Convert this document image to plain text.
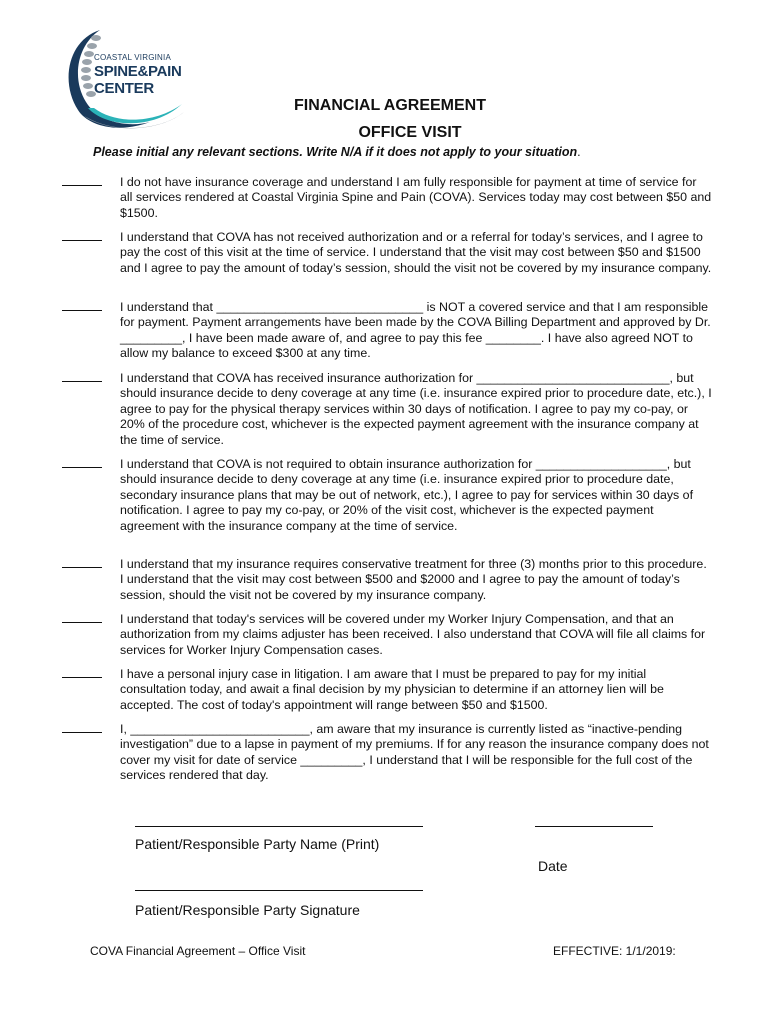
COASTAL VIRGINIA
SPINE&PAIN
CENTER
FINANCIAL AGREEMENT
OFFICE VISIT
Please initial any relevant sections. Write N/A if it does not apply to your situation.
I do not have insurance coverage and understand I am fully responsible for payment at time of service for all services rendered at Coastal Virginia Spine and Pain (COVA). Services today may cost between $50 and $1500.
I understand that COVA has not received authorization and or a referral for today’s services, and I agree to pay the cost of this visit at the time of service. I understand that the visit may cost between $50 and $1500 and I agree to pay the amount of today’s session, should the visit not be covered by my insurance company.
I understand that ______________________________ is NOT a covered service and that I am responsible for payment. Payment arrangements have been made by the COVA Billing Department and approved by Dr. _________, I have been made aware of, and agree to pay this fee ________. I have also agreed NOT to allow my balance to exceed $300 at any time.
I understand that COVA has received insurance authorization for ____________________________, but should insurance decide to deny coverage at any time (i.e. insurance expired prior to procedure date, etc.), I agree to pay for the physical therapy services within 30 days of notification. I agree to pay my co-pay, or 20% of the procedure cost, whichever is the expected payment agreement with the insurance company at the time of service.
I understand that COVA is not required to obtain insurance authorization for ___________________, but should insurance decide to deny coverage at any time (i.e. insurance expired prior to procedure date, secondary insurance plans that may be out of network, etc.), I agree to pay for services within 30 days of notification. I agree to pay my co-pay, or 20% of the visit cost, whichever is the expected payment agreement with the insurance company at the time of service.
I understand that my insurance requires conservative treatment for three (3) months prior to this procedure. I understand that the visit may cost between $500 and $2000 and I agree to pay the amount of today’s session, should the visit not be covered by my insurance company.
I understand that today's services will be covered under my Worker Injury Compensation, and that an authorization from my claims adjuster has been received. I also understand that COVA will file all claims for services for Worker Injury Compensation cases.
I have a personal injury case in litigation. I am aware that I must be prepared to pay for my initial consultation today, and await a final decision by my physician to determine if an attorney lien will be accepted. The cost of today's appointment will range between $50 and $1500.
I, __________________________, am aware that my insurance is currently listed as “inactive-pending investigation” due to a lapse in payment of my premiums. If for any reason the insurance company does not cover my visit for date of service _________, I understand that I will be responsible for the full cost of the services rendered that day.
Patient/Responsible Party Name (Print)
Date
Patient/Responsible Party Signature
COVA Financial Agreement – Office Visit	EFFECTIVE: 1/1/2019:
